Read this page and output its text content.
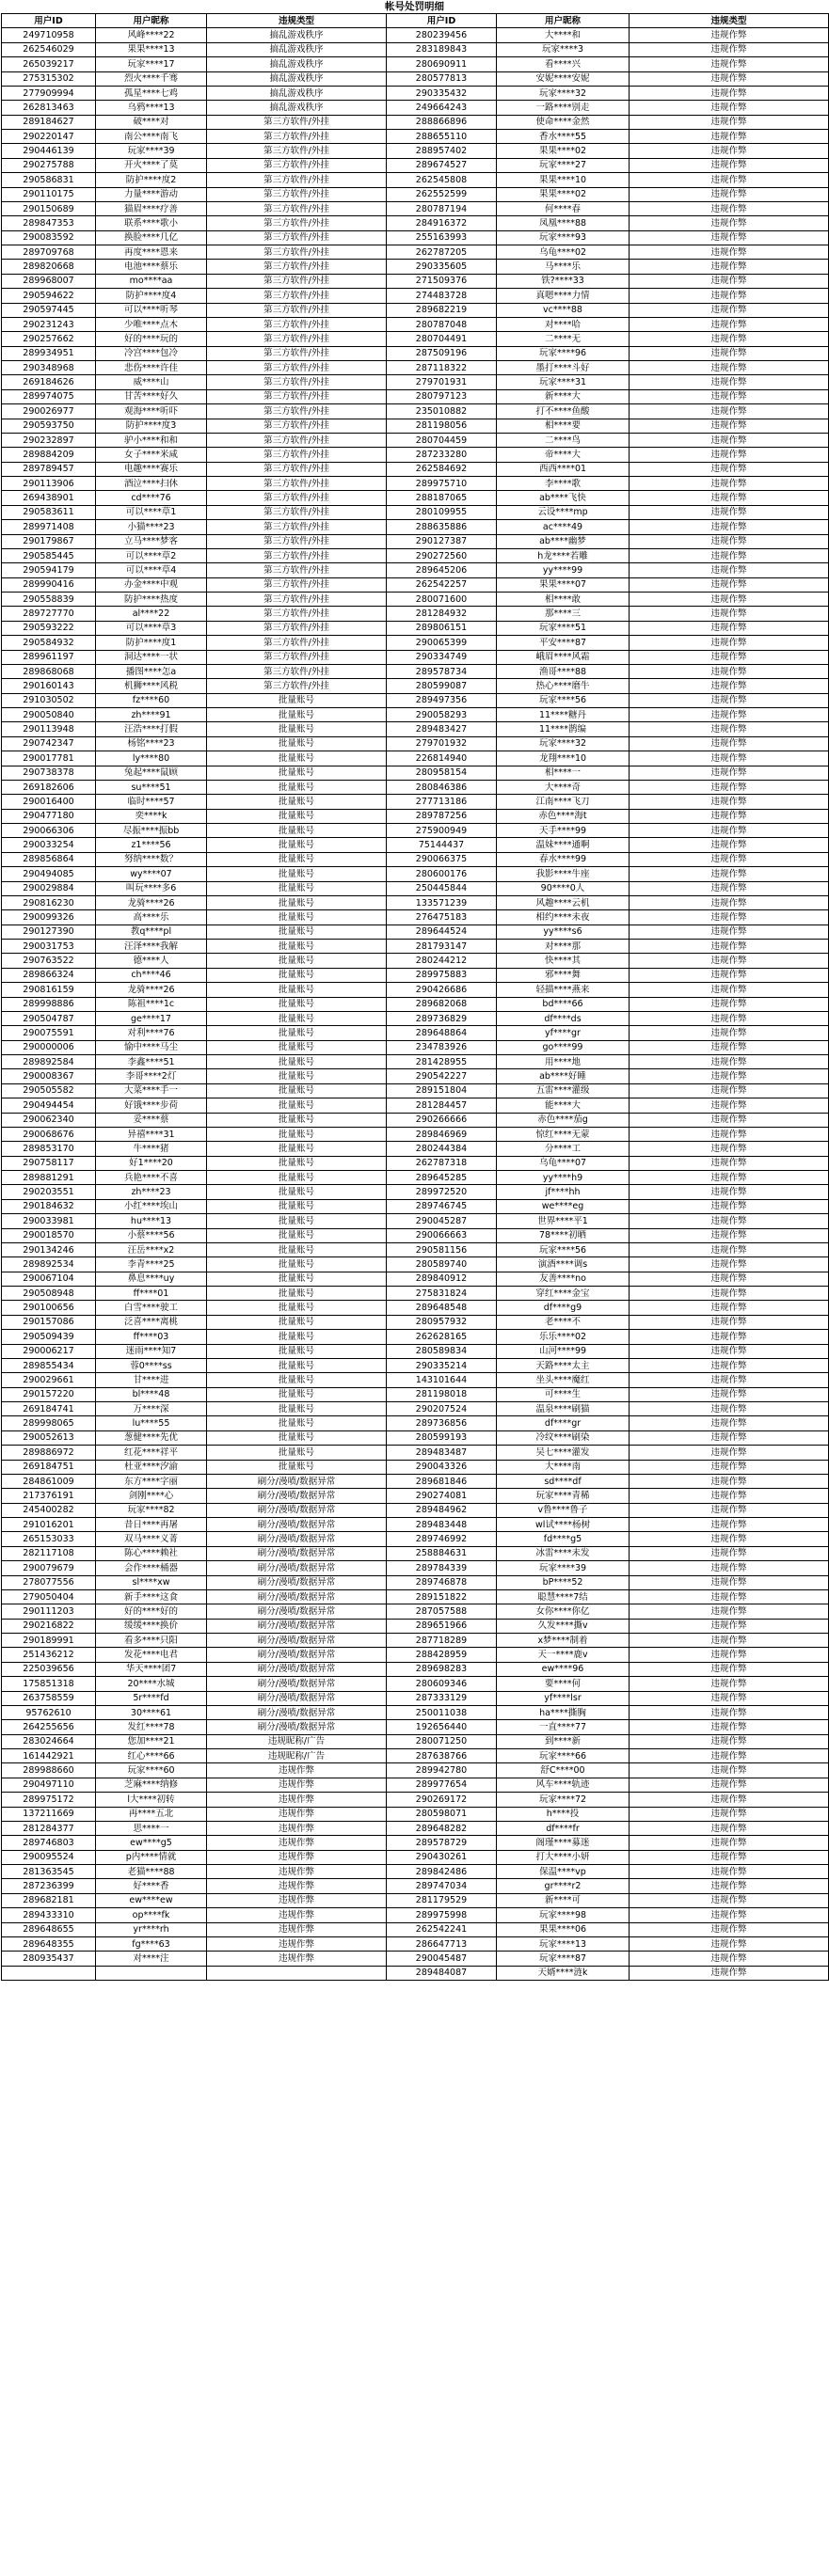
帐号处罚明细
用户ID	用户昵称	违规类型	用户ID	用户昵称	违规类型
249710958	风峰****22	搞乱游戏秩序	280239456	大****和	违规作弊
262546029	果果****13	搞乱游戏秩序	283189843	玩家****3	违规作弊
265039217	玩家****17	搞乱游戏秩序	280690911	看****兴	违规作弊
275315302	烈火****千骞	搞乱游戏秩序	280577813	安妮****安妮	违规作弊
277909994	孤星****七鸡	搞乱游戏秩序	290335432	玩家****32	违规作弊
262813463	乌鸦****13	搞乱游戏秩序	249664243	一路****别走	违规作弊
289184627	破****对	第三方软件/外挂	288866896	使命****金然	违规作弊
290220147	南公****南飞	第三方软件/外挂	288655110	香水****55	违规作弊
290446139	玩家****39	第三方软件/外挂	288957402	果果****02	违规作弊
290275788	开火****了莫	第三方软件/外挂	289674527	玩家****27	违规作弊
290586831	防护****度2	第三方软件/外挂	262545808	果果****10	违规作弊
290110175	力量****游动	第三方软件/外挂	262552599	果果****02	违规作弊
290150689	猫眉****疗善	第三方软件/外挂	280787194	何****春	违规作弊
289847353	联系****歌小	第三方软件/外挂	284916372	凤凰****88	违规作弊
290083592	换脸****几亿	第三方软件/外挂	255163993	玩家****93	违规作弊
289709768	再度****恩来	第三方软件/外挂	262787205	乌龟****02	违规作弊
289820668	电池****蔡乐	第三方软件/外挂	290335605	马****乐	违规作弊
289968007	mo****aa	第三方软件/外挂	271509376	铁?****33	违规作弊
290594622	防护****度4	第三方软件/外挂	274483728	真嗯****力情	违规作弊
290597445	可以****听琴	第三方软件/外挂	289682219	vc****88	违规作弊
290231243	少唯****点木	第三方软件/外挂	280787048	对****哈	违规作弊
290257662	好的****玩的	第三方软件/外挂	280704491	二****无	违规作弊
289934951	冷宫****包冷	第三方软件/外挂	287509196	玩家****96	违规作弊
290348968	悲伤****许佳	第三方软件/外挂	287118322	墨打****斗好	违规作弊
269184626	威****山	第三方软件/外挂	279701931	玩家****31	违规作弊
289974075	甘苦****好久	第三方软件/外挂	280797123	新****大	违规作弊
290026977	观海****听吓	第三方软件/外挂	235010882	打不****鱼酸	违规作弊
290593750	防护****度3	第三方软件/外挂	281198056	相****要	违规作弊
290232897	驴小****和和	第三方软件/外挂	280704459	二****鸟	违规作弊
289884209	女子****米咸	第三方软件/外挂	287233280	帝****大	违规作弊
289789457	电趣****赛乐	第三方软件/外挂	262584692	西西****01	违规作弊
290113906	酒泣****扫休	第三方软件/外挂	289975710	李****歌	违规作弊
269438901	cd****76	第三方软件/外挂	288187065	ab****飞快	违规作弊
290583611	可以****草1	第三方软件/外挂	280109955	云设****mp	违规作弊
289971408	小猫****23	第三方软件/外挂	288635886	ac****49	违规作弊
290179867	立马****梦客	第三方软件/外挂	290127387	ab****幽梦	违规作弊
290585445	可以****草2	第三方软件/外挂	290272560	h龙****若雕	违规作弊
290594179	可以****草4	第三方软件/外挂	289645206	yy****99	违规作弊
289990416	办金****中观	第三方软件/外挂	262542257	果果****07	违规作弊
290558839	防护****热度	第三方软件/外挂	280071600	相****敢	违规作弊
289727770	al****22	第三方软件/外挂	281284932	那****三	违规作弊
290593222	可以****草3	第三方软件/外挂	289806151	玩家****51	违规作弊
290584932	防护****度1	第三方软件/外挂	290065399	平安****87	违规作弊
289961197	洞达****一状	第三方软件/外挂	290334749	峨眉****风霜	违规作弊
289868068	播图****怎a	第三方软件/外挂	289578734	渔哥****88	违规作弊
290160143	机狮****风税	第三方软件/外挂	280599087	热心****磨牛	违规作弊
291030502	fz****60	批量账号	289497356	玩家****56	违规作弊
290050840	zh****91	批量账号	290058293	11****糖丹	违规作弊
290113948	汪浩****打假	批量账号	289483427	11****鹊编	违规作弊
290742347	杨铭****23	批量账号	279701932	玩家****32	违规作弊
290017781	ly****80	批量账号	226814940	龙翔****10	违规作弊
290738378	兔起****鼠顾	批量账号	280958154	相****一	违规作弊
269182606	su****51	批量账号	280846386	大****奇	违规作弊
290016400	临时****57	批量账号	277713186	江南****飞刀	违规作弊
290477180	奕****k	批量账号	289787256	赤色****海t	违规作弊
290066306	尽振****振bb	批量账号	275900949	天手****99	违规作弊
290033254	z1****56	批量账号	75144437	温妹****通啊	违规作弊
289856864	努纳****数？	批量账号	290066375	春水****99	违规作弊
290494085	wy****07	批量账号	280600176	我影****牛座	违规作弊
290029884	叫玩****多6	批量账号	250445844	90****0人	违规作弊
290816230	龙骑****26	批量账号	133571239	风趣****云机	违规作弊
290099326	高****乐	批量账号	276475183	相约****未夜	违规作弊
290127390	教q****pl	批量账号	289644524	yy****s6	违规作弊
290031753	汪泽****我解	批量账号	281793147	对****那	违规作弊
290763522	德****人	批量账号	280244212	快****其	违规作弊
289866324	ch****46	批量账号	289975883	邪****舞	违规作弊
290816159	龙骑****26	批量账号	290426686	轻描****燕来	违规作弊
289998886	陈祖****1c	批量账号	289682068	bd****66	违规作弊
290504787	ge****17	批量账号	289736829	df****ds	违规作弊
290075591	对利****76	批量账号	289648864	yf****gr	违规作弊
290000006	愉中****马尘	批量账号	234783926	go****99	违规作弊
289892584	李鑫****51	批量账号	281428955	用****地	违规作弊
290008367	李哥****2灯	批量账号	290542227	ab****好睡	违规作弊
290505582	大菜****手一	批量账号	289151804	五雷****灌级	违规作弊
290494454	好饿****步荷	批量账号	281284457	能****大	违规作弊
290062340	妥****蔡	批量账号	290266666	赤色****茄g	违规作弊
290068676	异禧****31	批量账号	289846969	惊红****无蒙	违规作弊
289853170	牛****猪	批量账号	280244384	分****工	违规作弊
290758117	好1****20	批量账号	262787318	乌龟****07	违规作弊
289881291	兵艳****不喜	批量账号	289645285	yy****h9	违规作弊
290203551	zh****23	批量账号	289972520	jf****hh	违规作弊
290184632	小红****埃山	批量账号	289746745	we****eg	违规作弊
290033981	hu****13	批量账号	290045287	世界****平1	违规作弊
290018570	小蔡****56	批量账号	290066663	78****初晒	违规作弊
290134246	汪岳****x2	批量账号	290581156	玩家****56	违规作弊
289892534	李青****25	批量账号	280589740	演酒****调s	违规作弊
290067104	鼻息****uy	批量账号	289840912	友善****no	违规作弊
290508948	ff****01	批量账号	275831824	穿红****金宝	违规作弊
290100656	白雪****驶工	批量账号	289648548	df****g9	违规作弊
290157086	泛喜****离桃	批量账号	280957932	老****不	违规作弊
290509439	ff****03	批量账号	262628165	乐乐****02	违规作弊
290006217	迷雨****知7	批量账号	280589834	山河****99	违规作弊
289855434	蓉0****ss	批量账号	290335214	天路****太主	违规作弊
290029661	甘****进	批量账号	143101644	坐头****魔红	违规作弊
290157220	bl****48	批量账号	281198018	可****生	违规作弊
269184741	万****深	批量账号	290207524	温泉****刷猫	违规作弊
289998065	lu****55	批量账号	289736856	df****gr	违规作弊
290052613	葱健****先优	批量账号	280599193	冷纹****刷染	违规作弊
289886972	红花****祥平	批量账号	289483487	吴七****灌发	违规作弊
269184751	杜亚****汐渝	批量账号	290043326	大****南	违规作弊
284861009	东方****字丽	刷分/漫喷/数据异常	289681846	sd****df	违规作弊
217376191	剑刚****心	刷分/漫喷/数据异常	290274081	玩家****青稀	违规作弊
245400282	玩家****82	刷分/漫喷/数据异常	289484962	v鲁****鲁子	违规作弊
291016201	昔日****再屠	刷分/漫喷/数据异常	289483448	wl试****杨树	违规作弊
265153033	双马****义菁	刷分/漫喷/数据异常	289746992	fd****g5	违规作弊
282117108	陈心****赖社	刷分/漫喷/数据异常	258884631	冰雷****未发	违规作弊
290079679	会作****桶器	刷分/漫喷/数据异常	289784339	玩家****39	违规作弊
278077556	sl****xw	刷分/漫喷/数据异常	289746878	bP****52	违规作弊
279050404	新手****这食	刷分/漫喷/数据异常	289151822	聪慧****7结	违规作弊
290111203	好的****好的	刷分/漫喷/数据异常	287057588	女你****你亿	违规作弊
290216822	缓缓****换价	刷分/漫喷/数据异常	289651966	久发****撕v	违规作弊
290189991	看多****只阳	刷分/漫喷/数据异常	287718289	x梦****制着	违规作弊
251436212	发花****电君	刷分/漫喷/数据异常	288428959	天一****鹿v	违规作弊
225039656	华天****团7	刷分/漫喷/数据异常	289698283	ew****96	违规作弊
175851318	20****水城	刷分/漫喷/数据异常	280609346	要****何	违规作弊
263758559	5r****fd	刷分/漫喷/数据异常	287333129	yf****lsr	违规作弊
95762610	30****61	刷分/漫喷/数据异常	250011038	ha****撕胸	违规作弊
264255656	发红****78	刷分/漫喷/数据异常	192656440	一直****77	违规作弊
283024664	您加****21	违规昵称/广告	280071250	到****新	违规作弊
161442921	红心****66	违规昵称/广告	287638766	玩家****66	违规作弊
289988660	玩家****60	违规作弊	289942780	舒C****00	违规作弊
290497110	芝麻****纳修	违规作弊	289977654	风车****轨迹	违规作弊
289975172	l大****初转	违规作弊	290269172	玩家****72	违规作弊
137211669	再****五北	违规作弊	280598071	h****投	违规作弊
281284377	思****一	违规作弊	289648282	df****fr	违规作弊
289746803	ew****g5	违规作弊	289578729	阁瑾****募迷	违规作弊
290095524	p内****情就	违规作弊	290430261	打大****小妍	违规作弊
281363545	老猫****88	违规作弊	289842486	保温****vp	违规作弊
287236399	好****香	违规作弊	289747034	gr****r2	违规作弊
289682181	ew****ew	违规作弊	281179529	新****可	违规作弊
289433310	op****fk	违规作弊	289975998	玩家****98	违规作弊
289648655	yr****rh	违规作弊	262542241	果果****06	违规作弊
289648355	fg****63	违规作弊	286647713	玩家****13	违规作弊
280935437	对****注	违规作弊	290045487	玩家****87	违规作弊
			289484087	天婿****涟k	违规作弊
